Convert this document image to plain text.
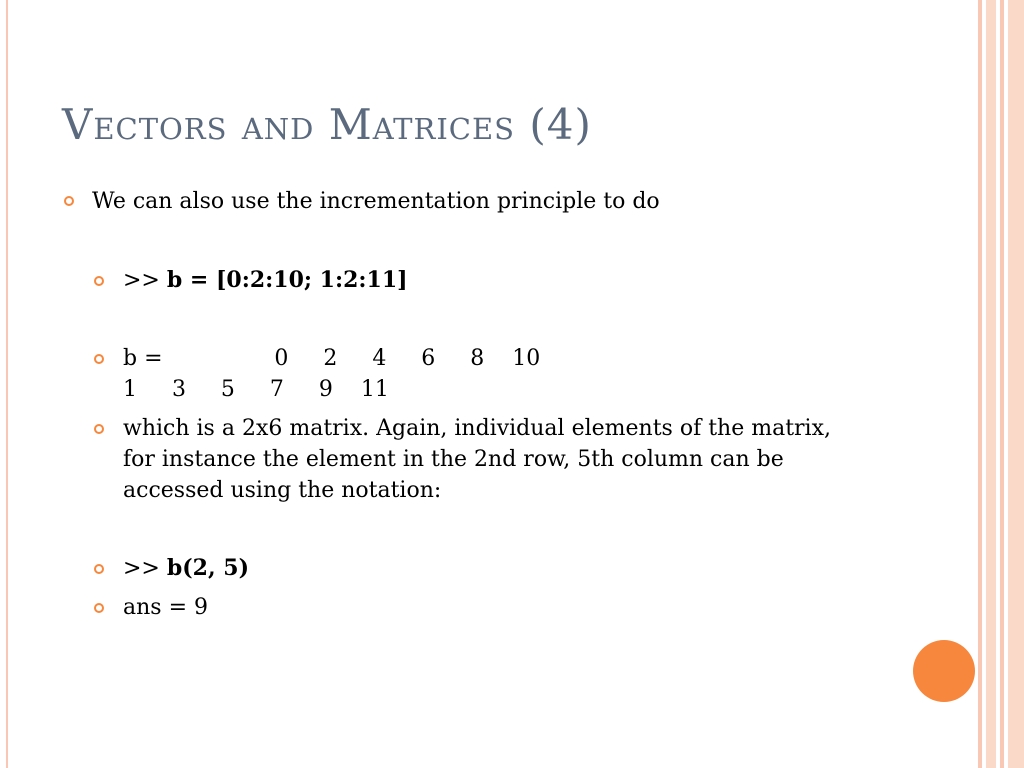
Vectors and Matrices (4)
We can also use the incrementation principle to do
>> b = [0:2:10; 1:2:11]
b =                0     2     4     6     8    10
1     3     5     7     9    11
which is a 2x6 matrix. Again, individual elements of the matrix, for instance the element in the 2nd row, 5th column can be accessed using the notation:
>> b(2, 5)
ans = 9
